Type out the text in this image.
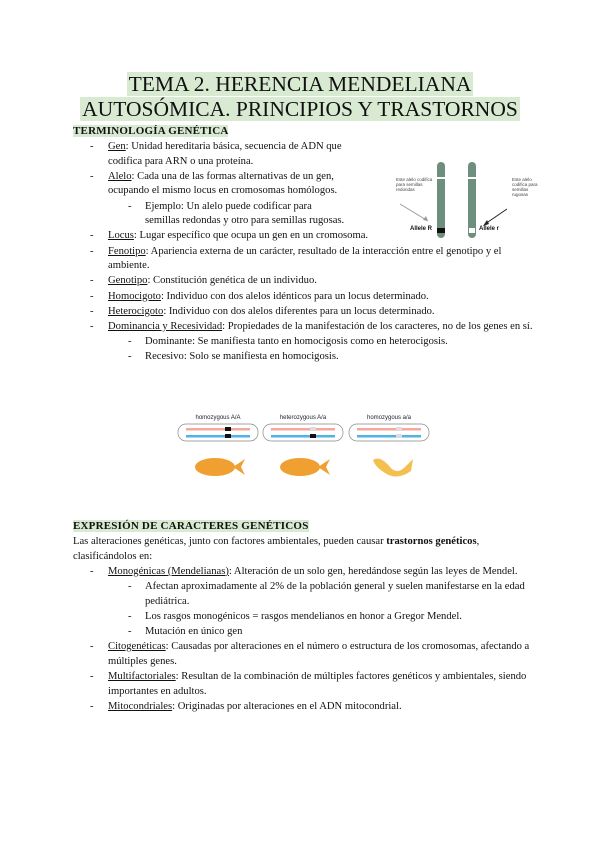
TEMA 2. HERENCIA MENDELIANA
AUTOSÓMICA. PRINCIPIOS Y TRASTORNOS
TERMINOLOGÍA GENÉTICA
- Gen: Unidad hereditaria básica, secuencia de ADN que codifica para ARN o una proteína.
- Alelo: Cada una de las formas alternativas de un gen, ocupando el mismo locus en cromosomas homólogos.
- Ejemplo: Un alelo puede codificar para semillas redondas y otro para semillas rugosas.
- Locus: Lugar específico que ocupa un gen en un cromosoma.
- Fenotipo: Apariencia externa de un carácter, resultado de la interacción entre el genotipo y el ambiente.
- Genotipo: Constitución genética de un individuo.
- Homocigoto: Individuo con dos alelos idénticos para un locus determinado.
- Heterocigoto: Individuo con dos alelos diferentes para un locus determinado.
- Dominancia y Recesividad: Propiedades de la manifestación de los caracteres, no de los genes en sí.
- Dominante: Se manifiesta tanto en homocigosis como en heterocigosis.
- Recesivo: Solo se manifiesta en homocigosis.
Este alelo codifica para semillas redondas
Este alelo codifica para semillas rugosas
Allele R	Allele r
homozygous A/A	heterozygous A/a	homozygous a/a
EXPRESIÓN DE CARACTERES GENÉTICOS
Las alteraciones genéticas, junto con factores ambientales, pueden causar trastornos genéticos, clasificándolos en:
- Monogénicas (Mendelianas): Alteración de un solo gen, heredándose según las leyes de Mendel.
- Afectan aproximadamente al 2% de la población general y suelen manifestarse en la edad pediátrica.
- Los rasgos monogénicos = rasgos mendelianos en honor a Gregor Mendel.
- Mutación en único gen
- Citogenéticas: Causadas por alteraciones en el número o estructura de los cromosomas, afectando a múltiples genes.
- Multifactoriales: Resultan de la combinación de múltiples factores genéticos y ambientales, siendo importantes en adultos.
- Mitocondriales: Originadas por alteraciones en el ADN mitocondrial.
